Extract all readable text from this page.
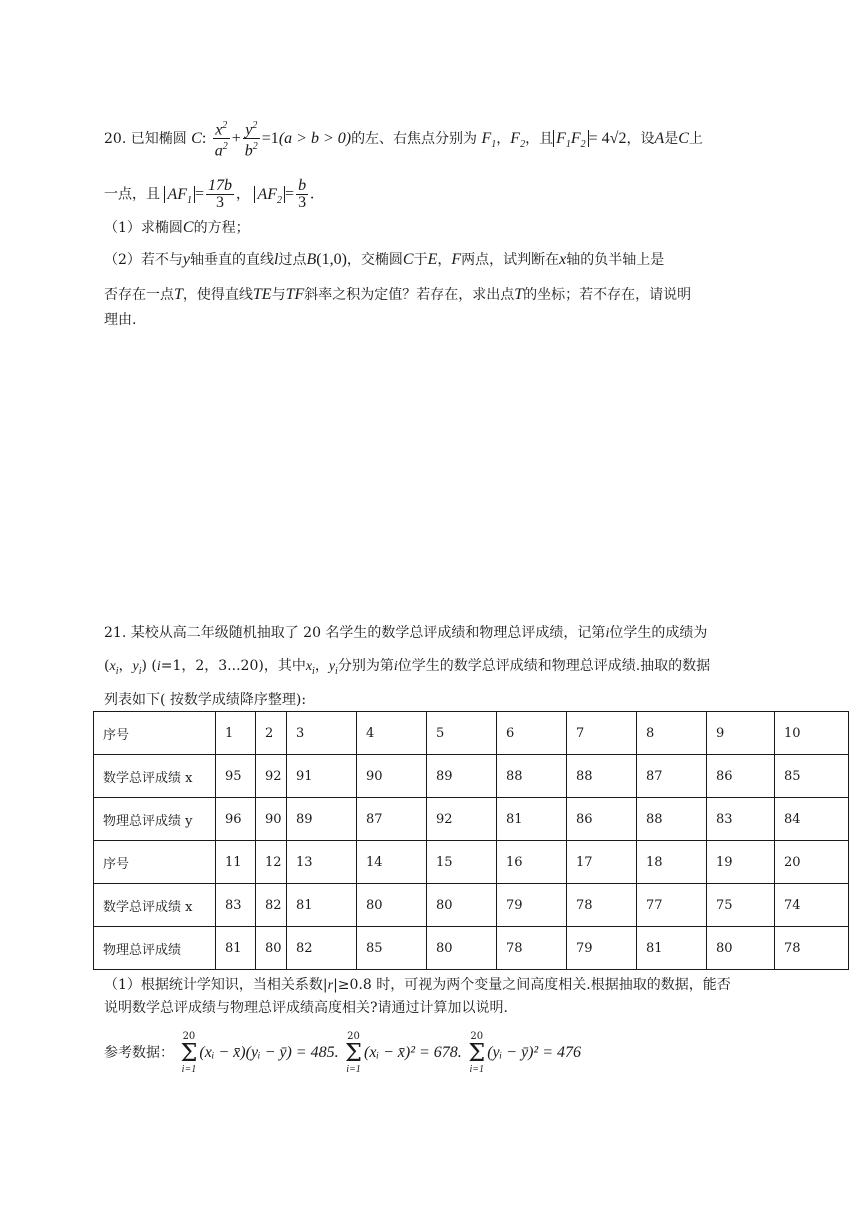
20. 已知椭圆 C: $\frac{x^2}{a^2} + \frac{y^2}{b^2} =1(a > b > 0)$的左、右焦点分别为 $F_1$，$F_2$，且 $F_1F_2 = 4√2$，设A是C上
一点，且 $AF_1 = \frac{17b}{3}$ ， $AF_2 = \frac{b}{3}$ .
（1）求椭圆C的方程；
（2）若不与y轴垂直的直线l过点B(1,0)，交椭圆C于E，F两点，试判断在x轴的负半轴上是
否存在一点T，使得直线TE与TF斜率之积为定值？若存在，求出点T的坐标；若不存在，请说明
理由.
21. 某校从高二年级随机抽取了 20 名学生的数学总评成绩和物理总评成绩，记第i位学生的成绩为
($x_i$，$y_i$) (i=1，2，3...20)，其中$x_i$，$y_i$分别为第i位学生的数学总评成绩和物理总评成绩.抽取的数据
列表如下( 按数学成绩降序整理):
序号	1	2	3	4	5	6	7	8	9	10
数学总评成绩 x	95	92	91	90	89	88	88	87	86	85
物理总评成绩 y	96	90	89	87	92	81	86	88	83	84
序号	11	12	13	14	15	16	17	18	19	20
数学总评成绩 x	83	82	81	80	80	79	78	77	75	74
物理总评成绩	81	80	82	85	80	78	79	81	80	78
（1）根据统计学知识，当相关系数|r|≥0.8 时，可视为两个变量之间高度相关.根据抽取的数据，能否
说明数学总评成绩与物理总评成绩高度相关?请通过计算加以说明.
参考数据：
20
Σ
i=1
(xᵢ − x̄)(yᵢ − ȳ) = 485.
20
Σ
i=1
(xᵢ − x̄)² = 678.
20
Σ
i=1
(yᵢ − ȳ)² = 476
